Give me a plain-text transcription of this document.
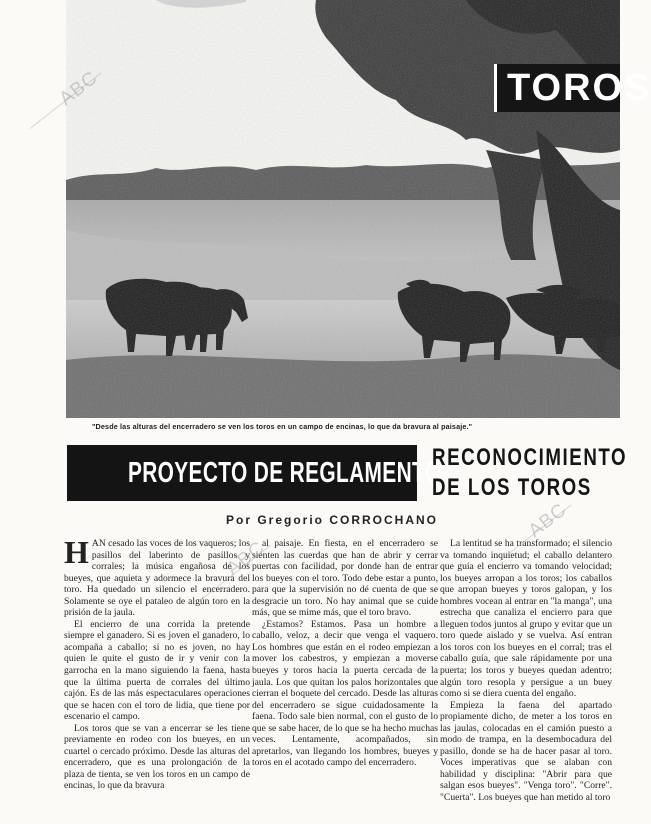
TOROS
"Desde las alturas del encerradero se ven los toros en un campo de encinas, lo que da bravura al paisaje."
PROYECTO DE REGLAMENTO
RECONOCIMIENTO
DE LOS TOROS
Por Gregorio CORROCHANO
H AN cesado las voces de los vaqueros; los pasillos del laberinto de pasillos y corrales; la música engañosa de los bueyes, que aquieta y adormece la bravura del toro. Ha quedado un silencio el encerradero. Solamente se oye el pataleo de algún toro en la prisión de la jaula.

El encierro de una corrida la pretende siempre el ganadero. Si es joven el ganadero, lo acompaña a caballo; si no es joven, no hay quien le quite el gusto de ir y venir con la garrocha en la mano siguiendo la faena, hasta que la última puerta de corrales del último cajón. Es de las más espectaculares operaciones que se hacen con el toro de lidia, que tiene por escenario el campo.

Los toros que se van a encerrar se les tiene previamente en rodeo con los bueyes, en un cuartel o cercado próximo. Desde las alturas del encerradero, que es una prolongación de la plaza de tienta, se ven los toros en un campo de encinas, lo que da bravura

al paisaje. En fiesta, en el encerradero se sienten las cuerdas que han de abrir y cerrar puertas con facilidad, por donde han de entrar los bueyes con el toro. Todo debe estar a punto, para que la supervisión no dé cuenta de que se desgracie un toro. No hay animal que se cuide más, que se mime más, que el toro bravo.

¿Estamos? Estamos. Pasa un hombre a caballo, veloz, a decir que venga el vaquero. Los hombres que están en el rodeo empiezan a mover los cabestros, y empiezan a moverse bueyes y toros hacia la puerta cercada de la jaula. Los que quitan los palos horizontales que cierran el boquete del cercado. Desde las alturas del encerradero se sigue cuidadosamente la faena. Todo sale bien normal, con el gusto de lo que se sabe hacer, de lo que se ha hecho muchas veces. Lentamente, acompañados, sin apretarlos, van llegando los hombres, bueyes y toros en el acotado campo del encerradero.

La lentitud se ha transformado; el silencio va tomando inquietud; el caballo delantero que guía el encierro va tomando velocidad; los bueyes arropan a los toros; los caballos que arropan bueyes y toros galopan, y los hombres vocean al entrar en "la manga", una estrecha que canaliza el encierro para que lleguen todos juntos al grupo y evitar que un toro quede aislado y se vuelva. Así entran los toros con los bueyes en el corral; tras el caballo guía, que sale rápidamente por una puerta; los toros y bueyes quedan adentro; algún toro resopla y persigue a un buey como si se diera cuenta del engaño.

Empieza la faena del apartado propiamente dicho, de meter a los toros en las jaulas, colocadas en el camión puesto a modo de trampa, en la desembocadura del pasillo, donde se ha de hacer pasar al toro. Voces imperativas que se alaban con habilidad y disciplina: "Abrir para que salgan esos bueyes". "Venga toro". "Corre". "Cuerta". Los bueyes que han metido al toro

ABC
ABC
ABC
